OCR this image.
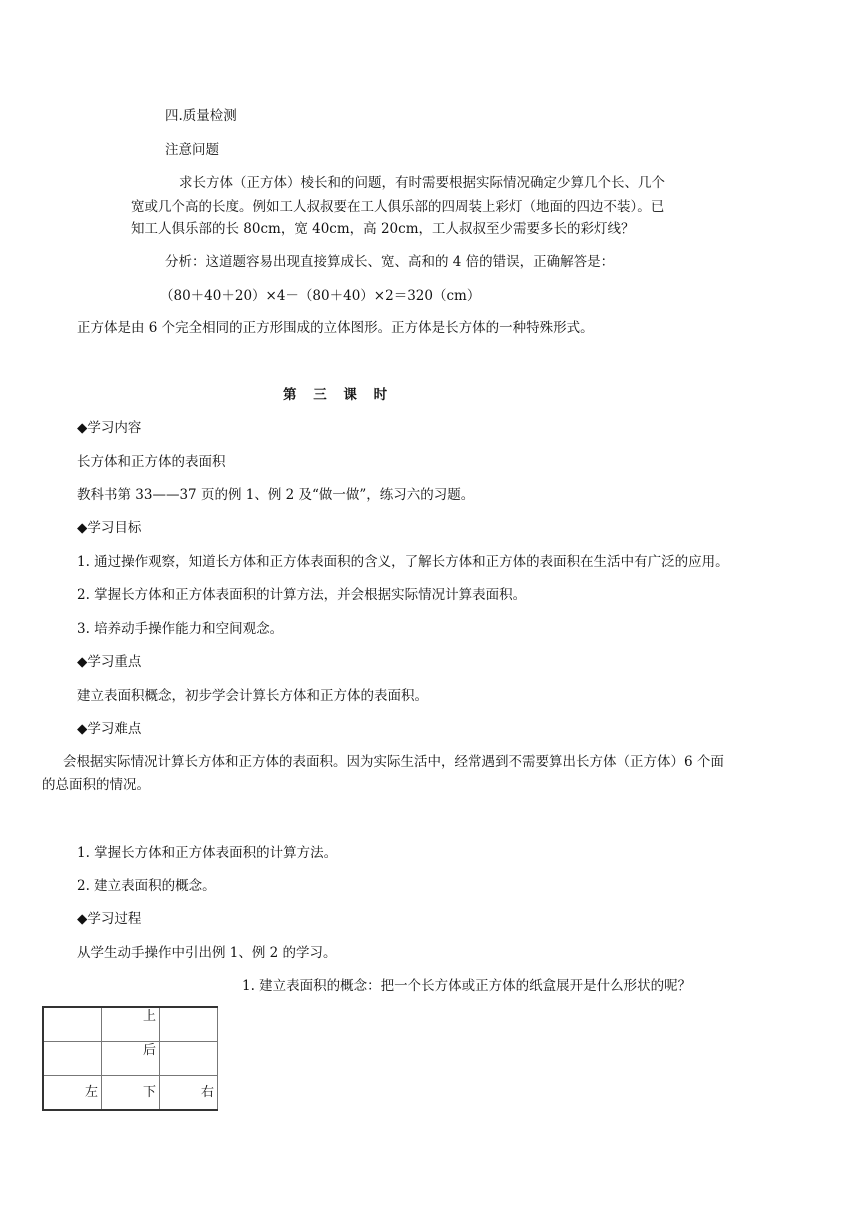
四.质量检测
注意问题
求长方体（正方体）棱长和的问题，有时需要根据实际情况确定少算几个长、几个
宽或几个高的长度。例如工人叔叔要在工人俱乐部的四周装上彩灯（地面的四边不装）。已
知工人俱乐部的长 80cm，宽 40cm，高 20cm，工人叔叔至少需要多长的彩灯线？
分析：这道题容易出现直接算成长、宽、高和的 4 倍的错误，正确解答是：
（80＋40＋20）×4－（80＋40）×2＝320（cm）
正方体是由 6 个完全相同的正方形围成的立体图形。正方体是长方体的一种特殊形式。
第 三 课 时
◆学习内容
长方体和正方体的表面积
教科书第 33——37 页的例 1、例 2 及“做一做”，练习六的习题。
◆学习目标
1. 通过操作观察，知道长方体和正方体表面积的含义，了解长方体和正方体的表面积在生活中有广泛的应用。
2. 掌握长方体和正方体表面积的计算方法，并会根据实际情况计算表面积。
3. 培养动手操作能力和空间观念。
◆学习重点
建立表面积概念，初步学会计算长方体和正方体的表面积。
◆学习难点
会根据实际情况计算长方体和正方体的表面积。因为实际生活中，经常遇到不需要算出长方体（正方体）6 个面
的总面积的情况。
1. 掌握长方体和正方体表面积的计算方法。
2. 建立表面积的概念。
◆学习过程
从学生动手操作中引出例 1、例 2 的学习。
1. 建立表面积的概念：把一个长方体或正方体的纸盒展开是什么形状的呢？
	上	
	后	
左	下	右
